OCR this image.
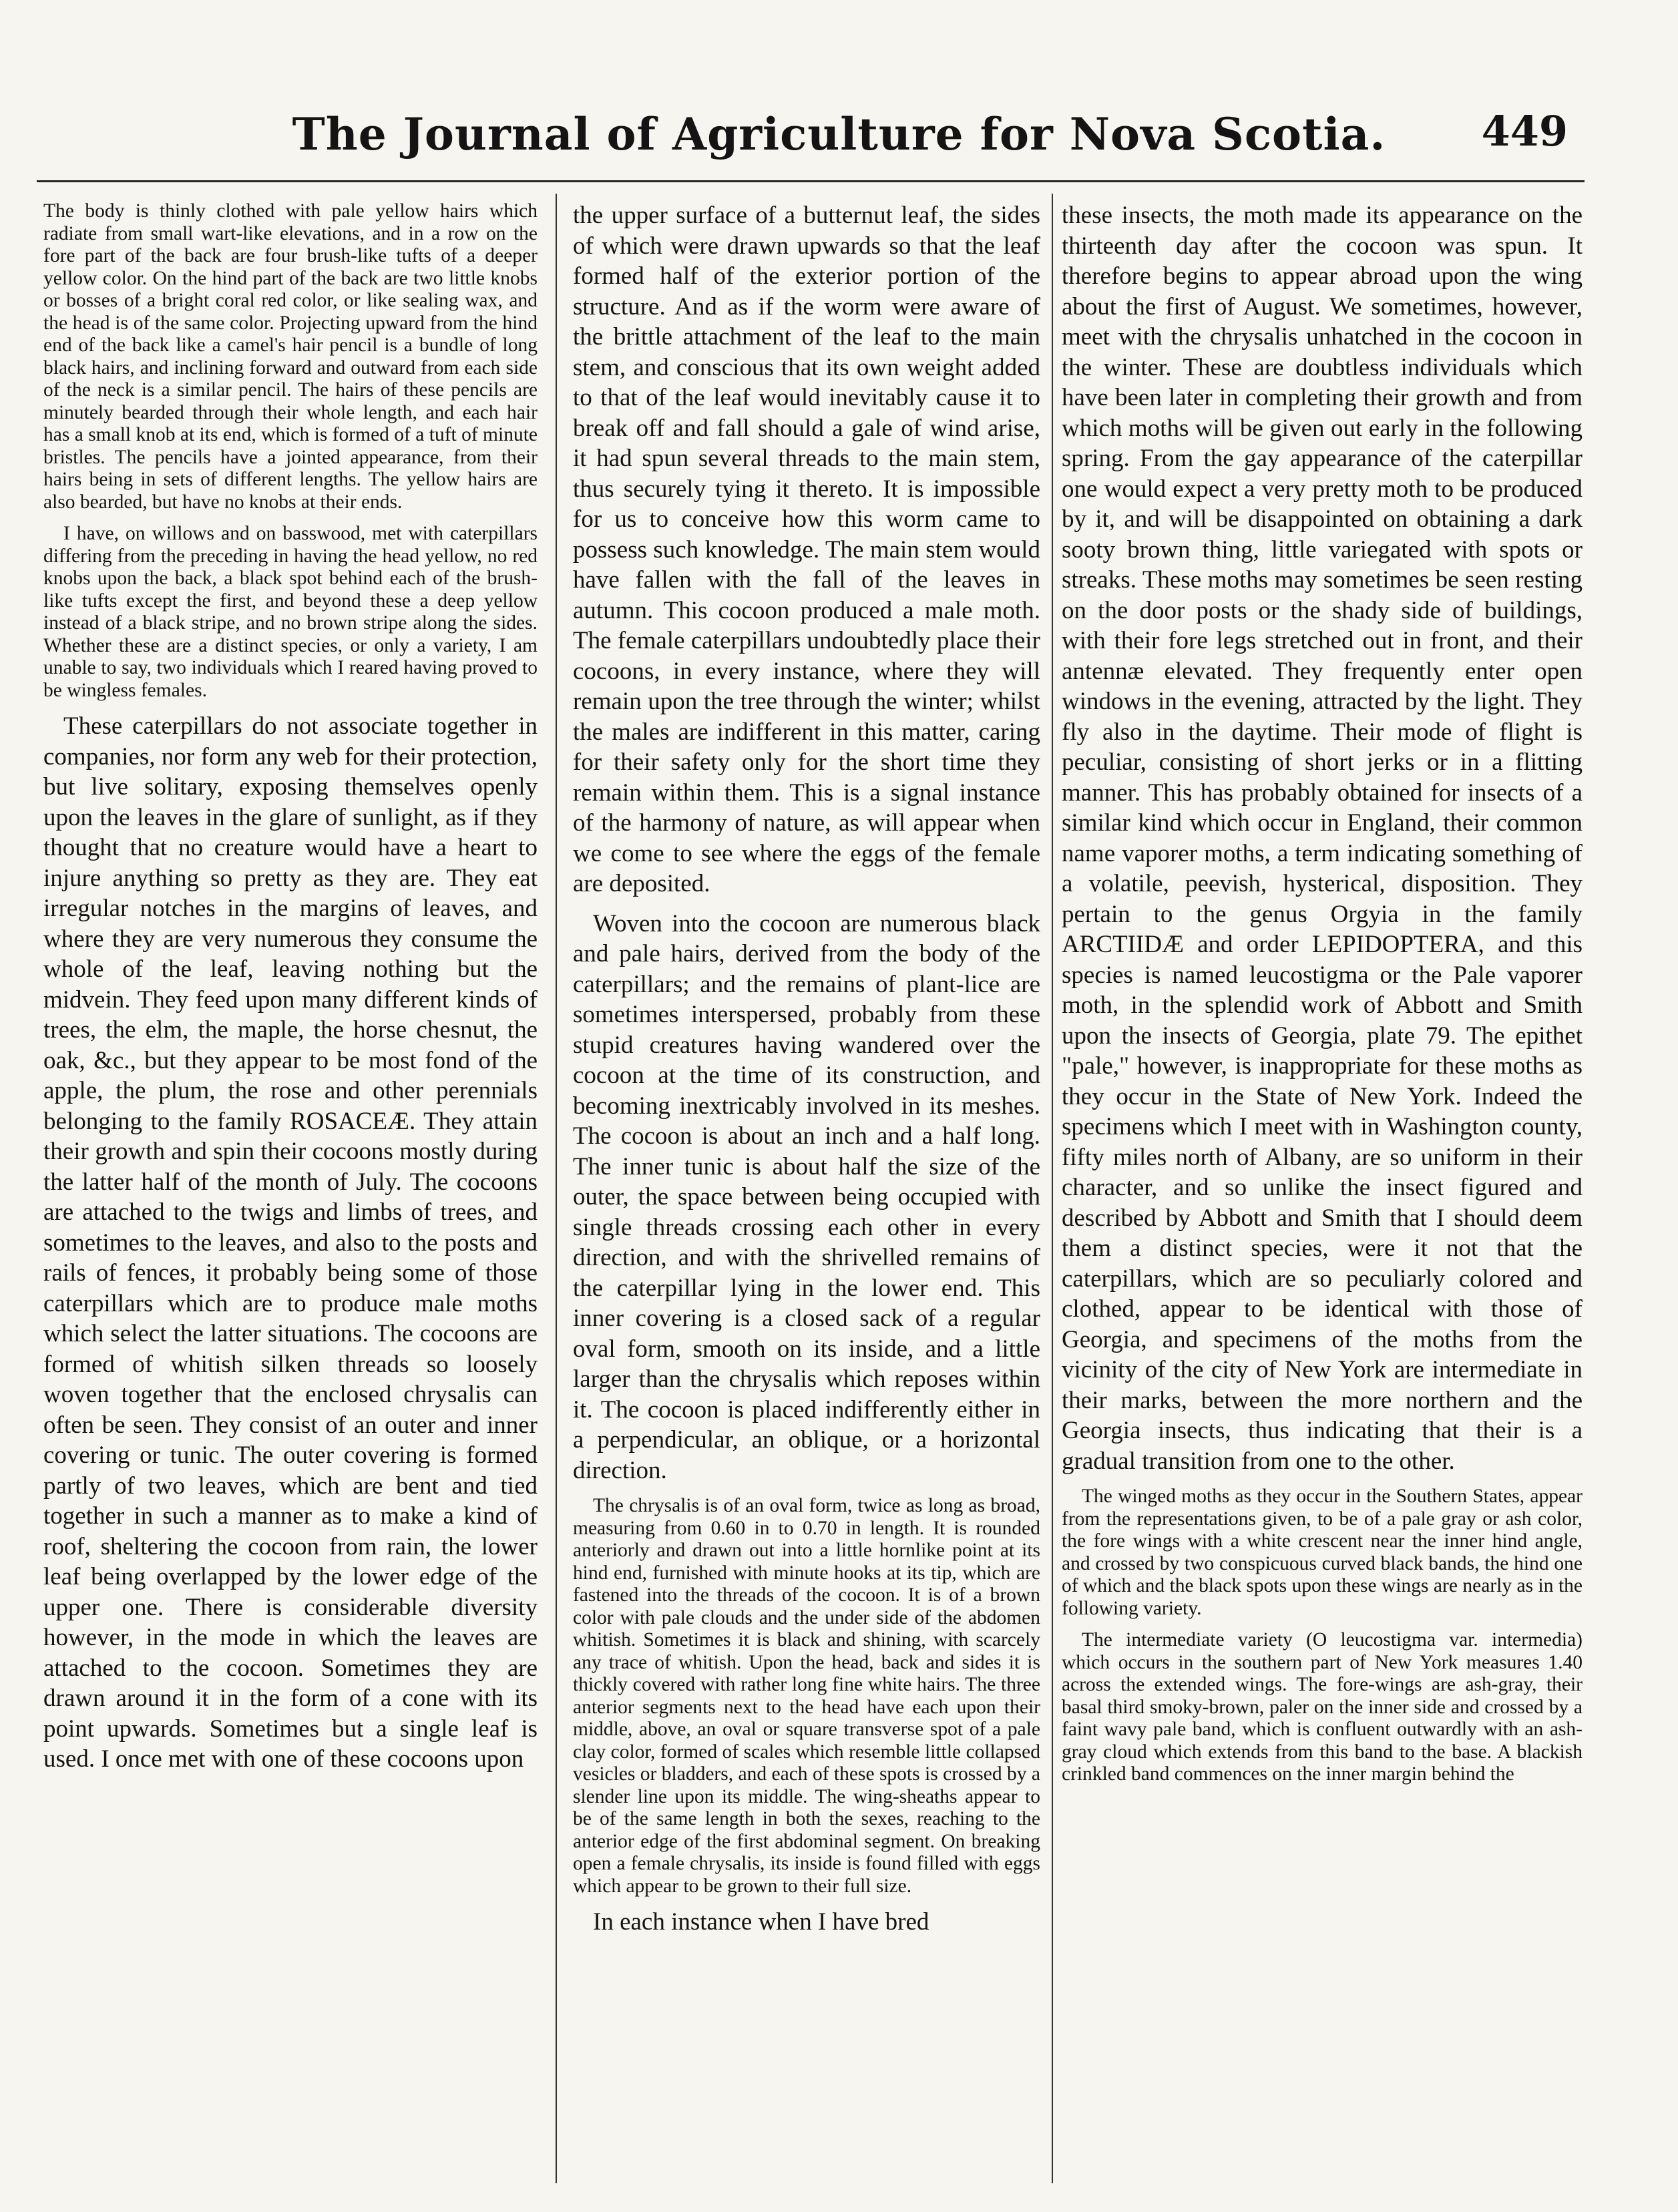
The Journal of Agriculture for Nova Scotia.	449

The body is thinly clothed with pale yellow hairs which radiate from small wart-like elevations, and in a row on the fore part of the back are four brush-like tufts of a deeper yellow color. On the hind part of the back are two little knobs or bosses of a bright coral red color, or like sealing wax, and the head is of the same color. Projecting upward from the hind end of the back like a camel's hair pencil is a bundle of long black hairs, and inclining forward and outward from each side of the neck is a similar pencil. The hairs of these pencils are minutely bearded through their whole length, and each hair has a small knob at its end, which is formed of a tuft of minute bristles. The pencils have a jointed appearance, from their hairs being in sets of different lengths. The yellow hairs are also bearded, but have no knobs at their ends.

I have, on willows and on basswood, met with caterpillars differing from the preceding in having the head yellow, no red knobs upon the back, a black spot behind each of the brush-like tufts except the first, and beyond these a deep yellow instead of a black stripe, and no brown stripe along the sides. Whether these are a distinct species, or only a variety, I am unable to say, two individuals which I reared having proved to be wingless females.

These caterpillars do not associate together in companies, nor form any web for their protection, but live solitary, exposing themselves openly upon the leaves in the glare of sunlight, as if they thought that no creature would have a heart to injure anything so pretty as they are. They eat irregular notches in the margins of leaves, and where they are very numerous they consume the whole of the leaf, leaving nothing but the midvein. They feed upon many different kinds of trees, the elm, the maple, the horse chesnut, the oak, &c., but they appear to be most fond of the apple, the plum, the rose and other perennials belonging to the family ROSACEÆ. They attain their growth and spin their cocoons mostly during the latter half of the month of July. The cocoons are attached to the twigs and limbs of trees, and sometimes to the leaves, and also to the posts and rails of fences, it probably being some of those caterpillars which are to produce male moths which select the latter situations. The cocoons are formed of whitish silken threads so loosely woven together that the enclosed chrysalis can often be seen. They consist of an outer and inner covering or tunic. The outer covering is formed partly of two leaves, which are bent and tied together in such a manner as to make a kind of roof, sheltering the cocoon from rain, the lower leaf being overlapped by the lower edge of the upper one. There is considerable diversity however, in the mode in which the leaves are attached to the cocoon. Sometimes they are drawn around it in the form of a cone with its point upwards. Sometimes but a single leaf is used. I once met with one of these cocoons upon

the upper surface of a butternut leaf, the sides of which were drawn upwards so that the leaf formed half of the exterior portion of the structure. And as if the worm were aware of the brittle attachment of the leaf to the main stem, and conscious that its own weight added to that of the leaf would inevitably cause it to break off and fall should a gale of wind arise, it had spun several threads to the main stem, thus securely tying it thereto. It is impossible for us to conceive how this worm came to possess such knowledge. The main stem would have fallen with the fall of the leaves in autumn. This cocoon produced a male moth. The female caterpillars undoubtedly place their cocoons, in every instance, where they will remain upon the tree through the winter; whilst the males are indifferent in this matter, caring for their safety only for the short time they remain within them. This is a signal instance of the harmony of nature, as will appear when we come to see where the eggs of the female are deposited.

Woven into the cocoon are numerous black and pale hairs, derived from the body of the caterpillars; and the remains of plant-lice are sometimes interspersed, probably from these stupid creatures having wandered over the cocoon at the time of its construction, and becoming inextricably involved in its meshes. The cocoon is about an inch and a half long. The inner tunic is about half the size of the outer, the space between being occupied with single threads crossing each other in every direction, and with the shrivelled remains of the caterpillar lying in the lower end. This inner covering is a closed sack of a regular oval form, smooth on its inside, and a little larger than the chrysalis which reposes within it. The cocoon is placed indifferently either in a perpendicular, an oblique, or a horizontal direction.

The chrysalis is of an oval form, twice as long as broad, measuring from 0.60 in to 0.70 in length. It is rounded anteriorly and drawn out into a little hornlike point at its hind end, furnished with minute hooks at its tip, which are fastened into the threads of the cocoon. It is of a brown color with pale clouds and the under side of the abdomen whitish. Sometimes it is black and shining, with scarcely any trace of whitish. Upon the head, back and sides it is thickly covered with rather long fine white hairs. The three anterior segments next to the head have each upon their middle, above, an oval or square transverse spot of a pale clay color, formed of scales which resemble little collapsed vesicles or bladders, and each of these spots is crossed by a slender line upon its middle. The wing-sheaths appear to be of the same length in both the sexes, reaching to the anterior edge of the first abdominal segment. On breaking open a female chrysalis, its inside is found filled with eggs which appear to be grown to their full size.

In each instance when I have bred

these insects, the moth made its appearance on the thirteenth day after the cocoon was spun. It therefore begins to appear abroad upon the wing about the first of August. We sometimes, however, meet with the chrysalis unhatched in the cocoon in the winter. These are doubtless individuals which have been later in completing their growth and from which moths will be given out early in the following spring. From the gay appearance of the caterpillar one would expect a very pretty moth to be produced by it, and will be disappointed on obtaining a dark sooty brown thing, little variegated with spots or streaks. These moths may sometimes be seen resting on the door posts or the shady side of buildings, with their fore legs stretched out in front, and their antennæ elevated. They frequently enter open windows in the evening, attracted by the light. They fly also in the daytime. Their mode of flight is peculiar, consisting of short jerks or in a flitting manner. This has probably obtained for insects of a similar kind which occur in England, their common name vaporer moths, a term indicating something of a volatile, peevish, hysterical, disposition. They pertain to the genus Orgyia in the family ARCTIIDÆ and order LEPIDOPTERA, and this species is named leucostigma or the Pale vaporer moth, in the splendid work of Abbott and Smith upon the insects of Georgia, plate 79. The epithet "pale," however, is inappropriate for these moths as they occur in the State of New York. Indeed the specimens which I meet with in Washington county, fifty miles north of Albany, are so uniform in their character, and so unlike the insect figured and described by Abbott and Smith that I should deem them a distinct species, were it not that the caterpillars, which are so peculiarly colored and clothed, appear to be identical with those of Georgia, and specimens of the moths from the vicinity of the city of New York are intermediate in their marks, between the more northern and the Georgia insects, thus indicating that their is a gradual transition from one to the other.

The winged moths as they occur in the Southern States, appear from the representations given, to be of a pale gray or ash color, the fore wings with a white crescent near the inner hind angle, and crossed by two conspicuous curved black bands, the hind one of which and the black spots upon these wings are nearly as in the following variety.

The intermediate variety (O leucostigma var. intermedia) which occurs in the southern part of New York measures 1.40 across the extended wings. The fore-wings are ash-gray, their basal third smoky-brown, paler on the inner side and crossed by a faint wavy pale band, which is confluent outwardly with an ash-gray cloud which extends from this band to the base. A blackish crinkled band commences on the inner margin behind the
